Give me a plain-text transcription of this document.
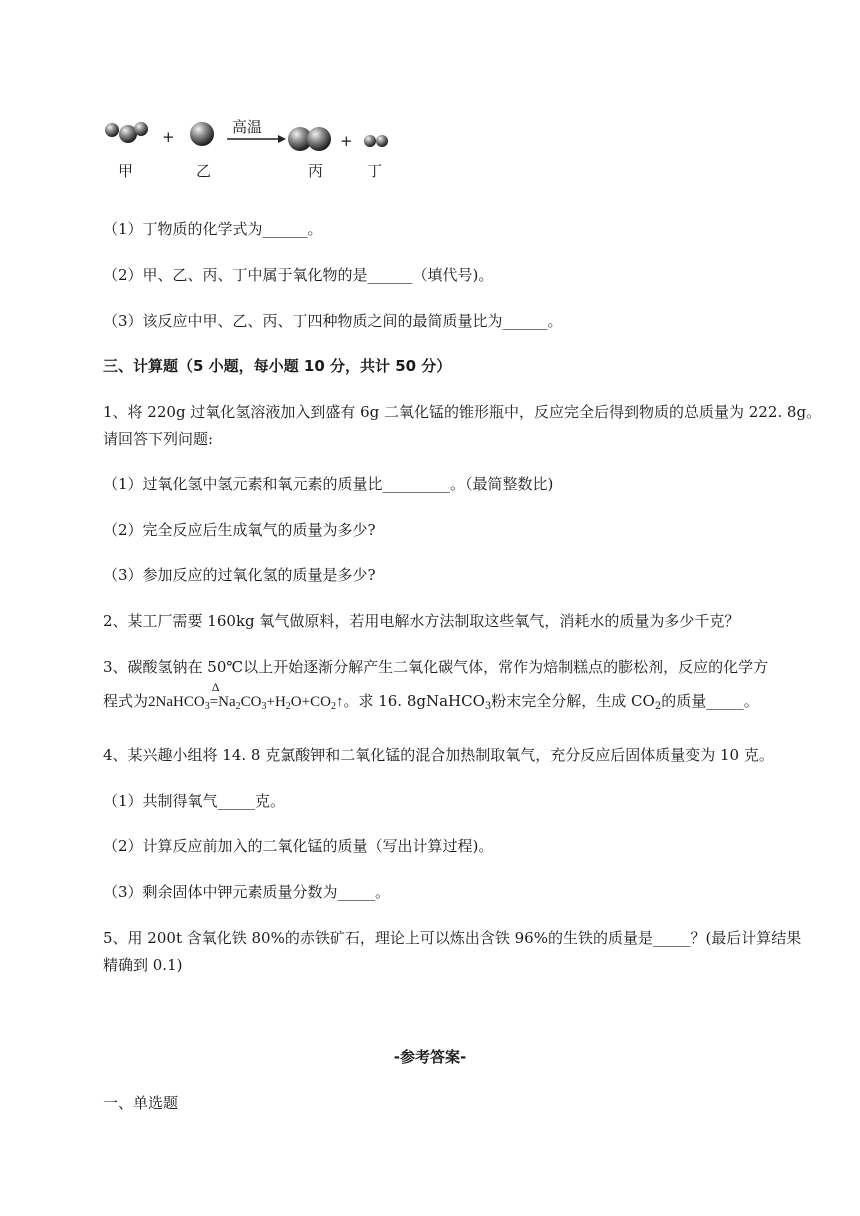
甲	乙	丙	丁
+	+
高温
（1）丁物质的化学式为______。
（2）甲、乙、丙、丁中属于氧化物的是______（填代号)。
（3）该反应中甲、乙、丙、丁四种物质之间的最简质量比为______。
三、计算题（5 小题，每小题 10 分，共计 50 分）
1、将 220g 过氧化氢溶液加入到盛有 6g 二氧化锰的锥形瓶中，反应完全后得到物质的总质量为 222. 8g。
请回答下列问题:
（1）过氧化氢中氢元素和氧元素的质量比_________。（最简整数比)
（2）完全反应后生成氧气的质量为多少?
（3）参加反应的过氧化氢的质量是多少?
2、某工厂需要 160kg 氧气做原料，若用电解水方法制取这些氧气，消耗水的质量为多少千克？
3、碳酸氢钠在 50℃以上开始逐渐分解产生二氧化碳气体，常作为焙制糕点的膨松剂，反应的化学方
程式为2NaHCO$_3$
Δ
$=Na_2CO_3+H_2O+CO_2↑$。求 16. 8gNaHCO$_3$粉末完全分解，生成 $CO_2$的质量_____。
4、某兴趣小组将 14. 8 克氯酸钾和二氧化锰的混合加热制取氧气，充分反应后固体质量变为 10 克。
（1）共制得氧气_____克。
（2）计算反应前加入的二氧化锰的质量（写出计算过程)。
（3）剩余固体中钾元素质量分数为_____。
5、用 200t 含氧化铁 80%的赤铁矿石，理论上可以炼出含铁 96%的生铁的质量是_____？(最后计算结果
精确到 0.1)
-参考答案-
一、单选题
